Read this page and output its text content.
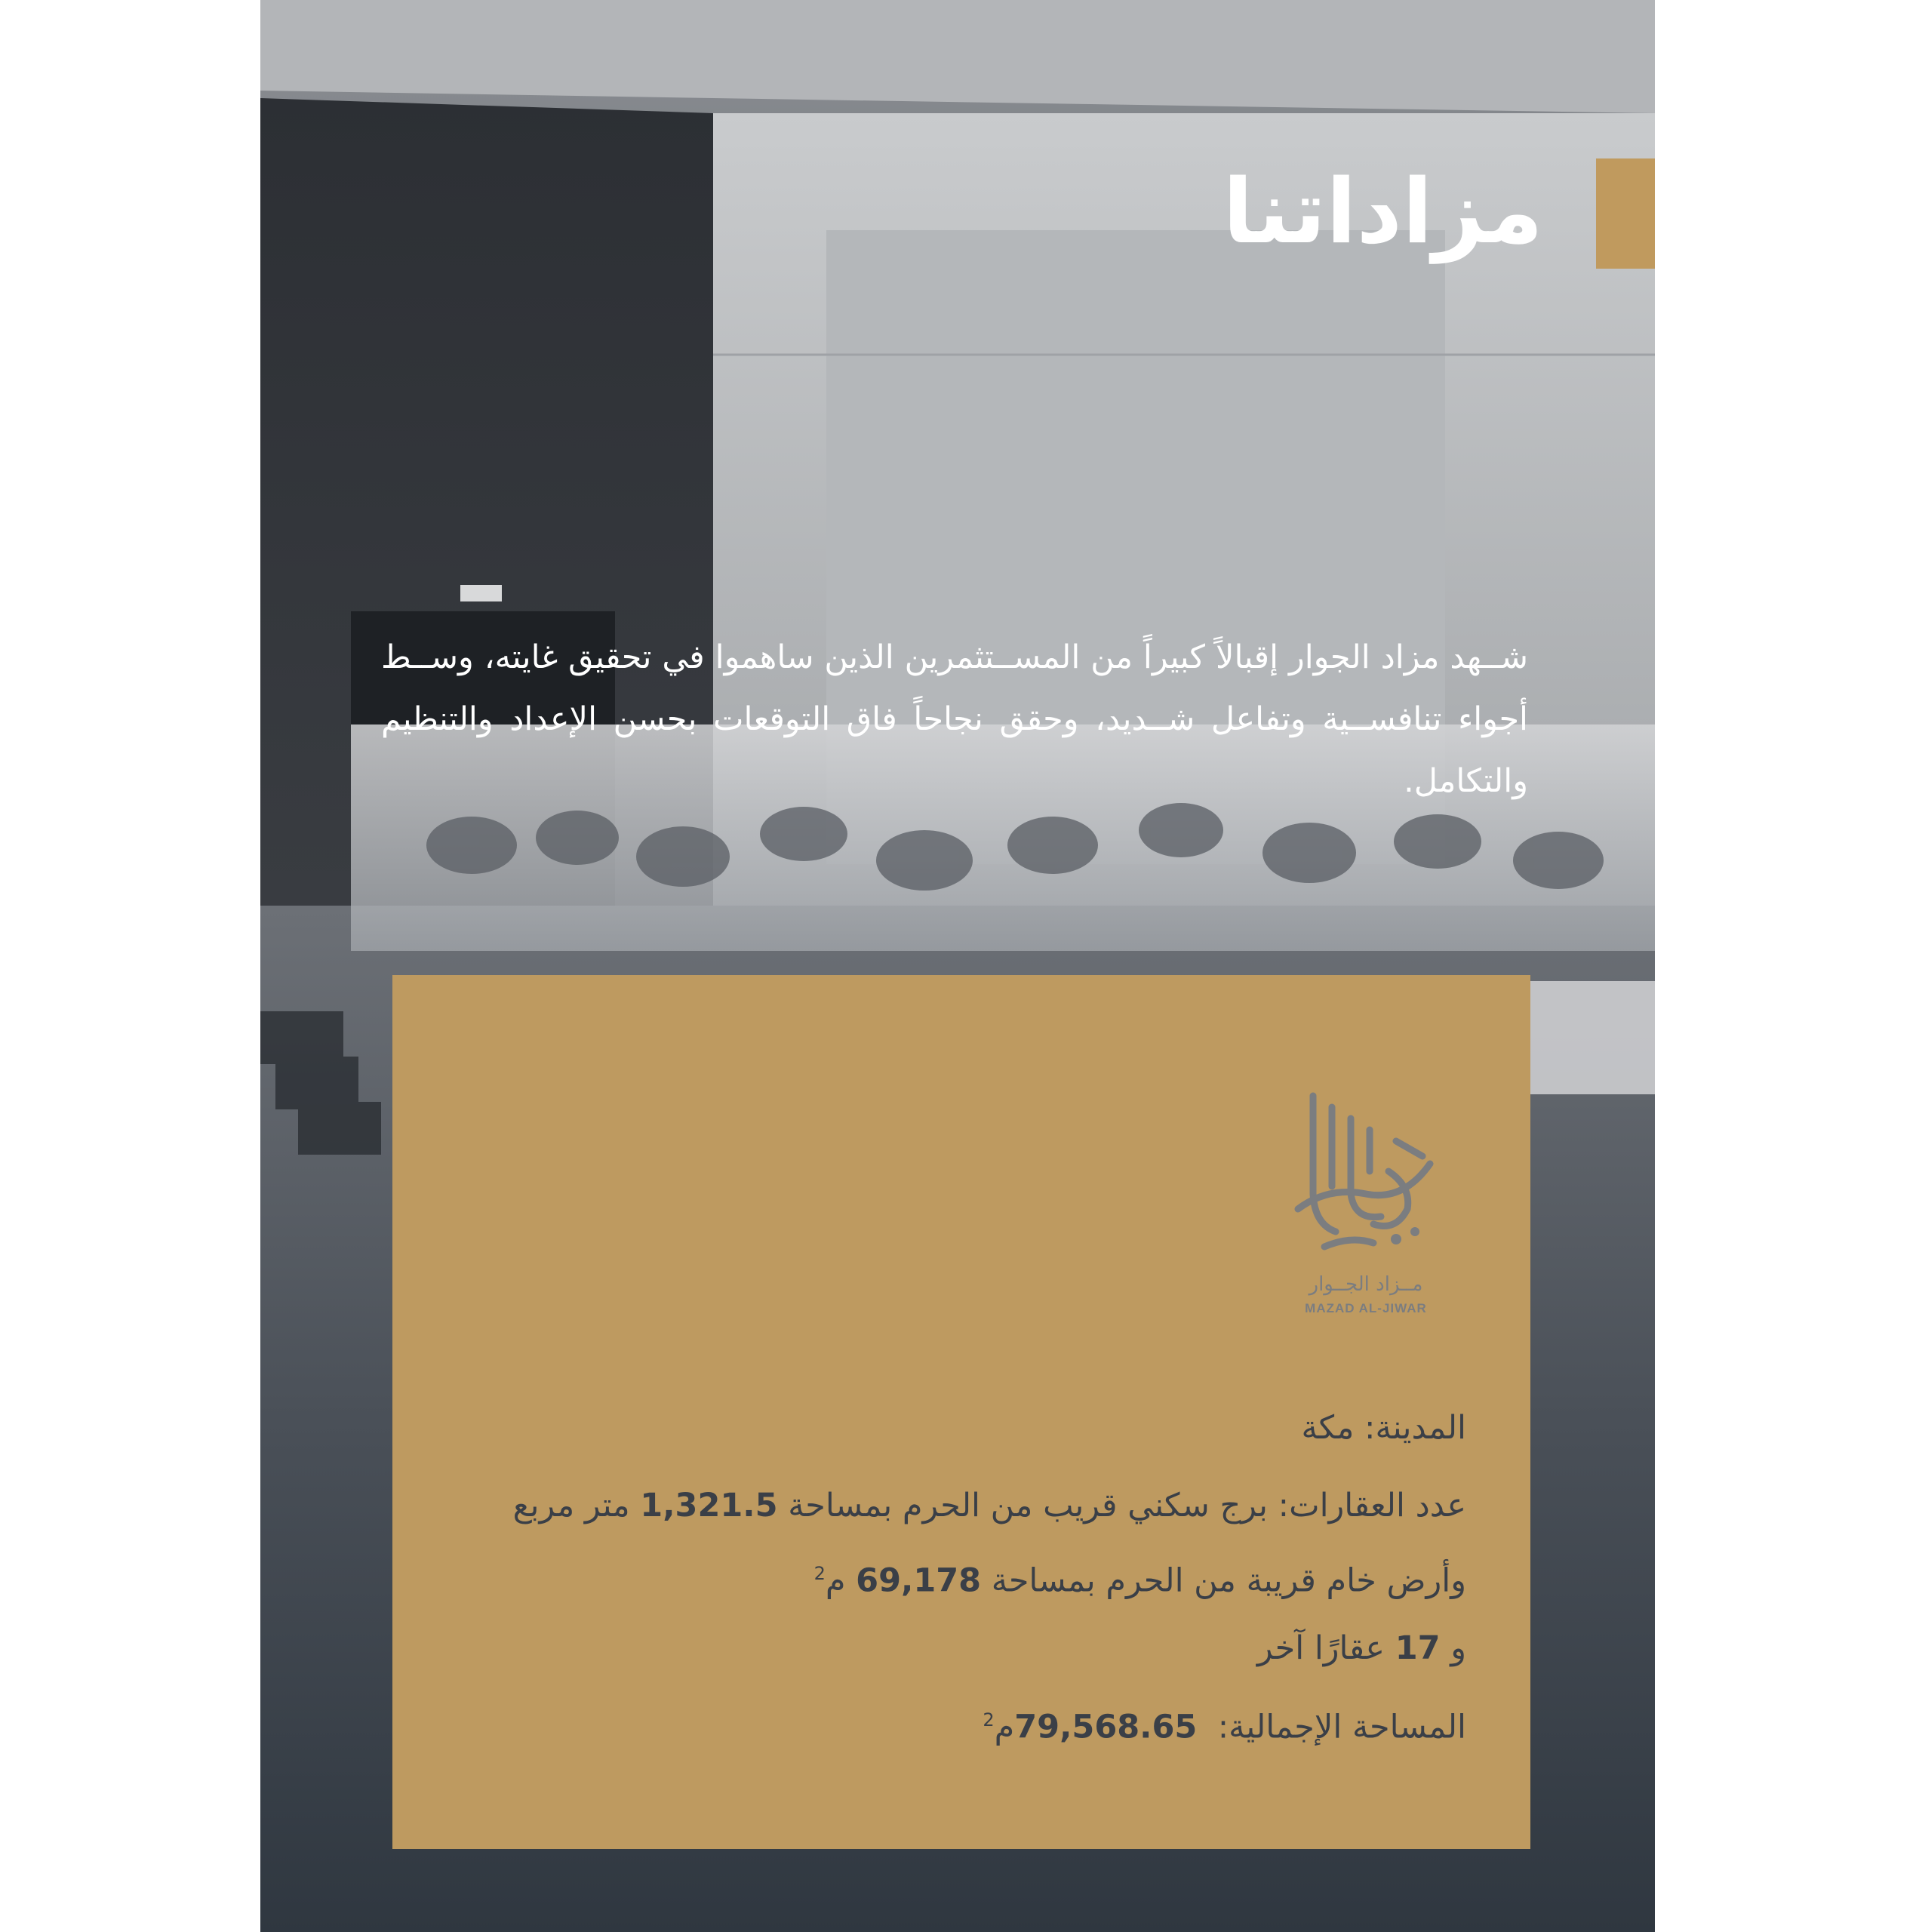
مزاداتنا

شــهد مزاد الجوار إقبالاً كبيراً من المســتثمرين الذين ساهموا في تحقيق غايته، وســط أجواء تنافســية وتفاعل شــديد، وحقق نجاحاً فاق التوقعات بحسن الإعداد والتنظيم والتكامل.

مــزاد الجــوار
MAZAD AL-JIWAR

المدينة: مكة

عدد العقارات: برج سكني قريب من الحرم بمساحة 1,321.5 متر مربع وأرض خام قريبة من الحرم بمساحة 69,178 م$^2$
و 17 عقارًا آخر

المساحة الإجمالية:  79,568.65م$^2$
